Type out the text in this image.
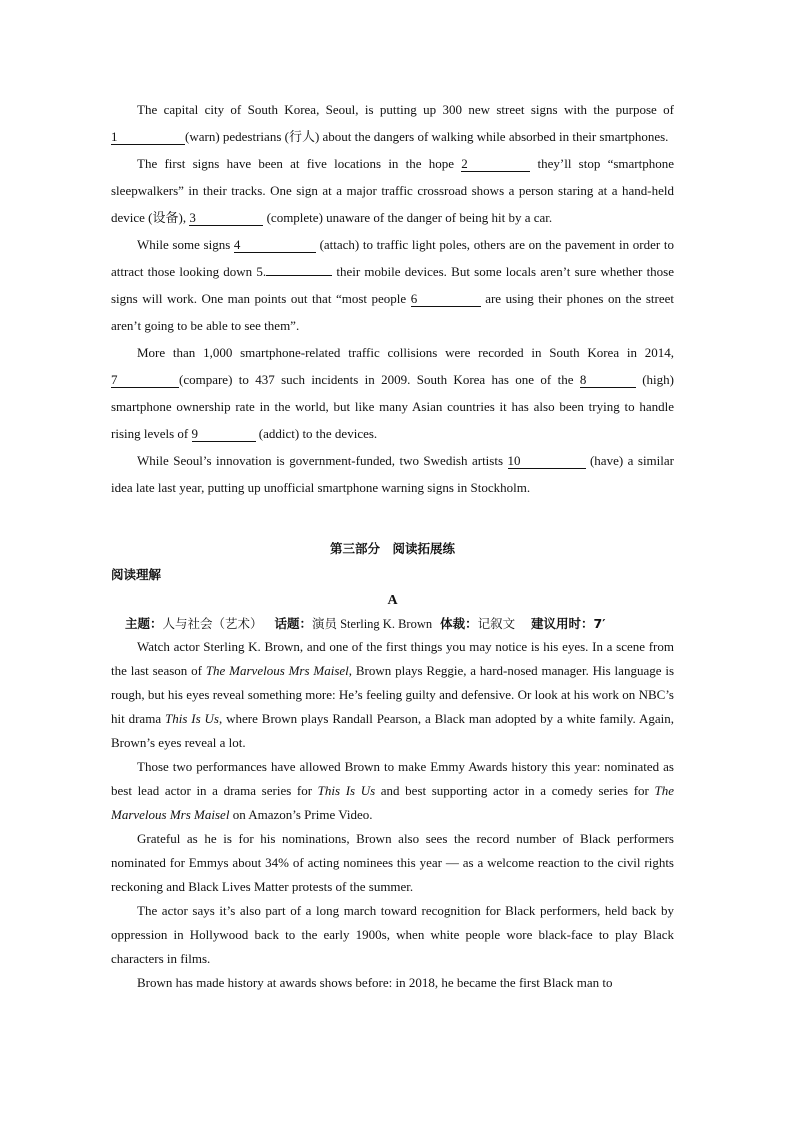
The capital city of South Korea, Seoul, is putting up 300 new street signs with the purpose of 1	(warn) pedestrians (行人) about the dangers of walking while absorbed in their smartphones.

The first signs have been at five locations in the hope 2	they’ll stop “smartphone sleepwalkers” in their tracks. One sign at a major traffic crossroad shows a person staring at a hand-held device (设备), 3	(complete) unaware of the danger of being hit by a car.

While some signs 4	(attach) to traffic light poles, others are on the pavement in order to attract those looking down 5.	their mobile devices. But some locals aren’t sure whether those signs will work. One man points out that “most people 6	are using their phones on the street aren’t going to be able to see them”.

More than 1,000 smartphone-related traffic collisions were recorded in South Korea in 2014, 7	(compare) to 437 such incidents in 2009. South Korea has one of the 8	(high) smartphone ownership rate in the world, but like many Asian countries it has also been trying to handle rising levels of 9	(addict) to the devices.

While Seoul’s innovation is government-funded, two Swedish artists 10	(have) a similar idea late last year, putting up unofficial smartphone warning signs in Stockholm.

第三部分　阅读拓展练
阅读理解
A
主题：人与社会（艺术） 话题：演员 Sterling K. Brown 体裁：记叙文 建议用时：7′

Watch actor Sterling K. Brown, and one of the first things you may notice is his eyes. In a scene from the last season of The Marvelous Mrs Maisel, Brown plays Reggie, a hard-nosed manager. His language is rough, but his eyes reveal something more: He’s feeling guilty and defensive. Or look at his work on NBC’s hit drama This Is Us, where Brown plays Randall Pearson, a Black man adopted by a white family. Again, Brown’s eyes reveal a lot.

Those two performances have allowed Brown to make Emmy Awards history this year: nominated as best lead actor in a drama series for This Is Us and best supporting actor in a comedy series for The Marvelous Mrs Maisel on Amazon’s Prime Video.

Grateful as he is for his nominations, Brown also sees the record number of Black performers nominated for Emmys about 34% of acting nominees this year — as a welcome reaction to the civil rights reckoning and Black Lives Matter protests of the summer.

The actor says it’s also part of a long march toward recognition for Black performers, held back by oppression in Hollywood back to the early 1900s, when white people wore black-face to play Black characters in films.

Brown has made history at awards shows before: in 2018, he became the first Black man to
